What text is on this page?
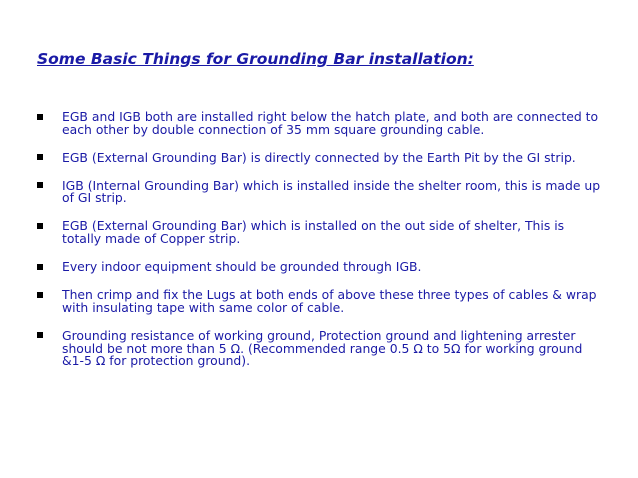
Some Basic Things for Grounding Bar installation:
EGB and IGB both are installed right below the hatch plate, and both are connected to each other by double connection of 35 mm square grounding cable.
EGB (External Grounding Bar) is directly connected by the Earth Pit by the GI strip.
IGB (Internal Grounding Bar) which is installed inside the shelter room, this is made up of GI strip.
EGB (External Grounding Bar) which is installed on the out side of shelter, This is totally made of Copper strip.
Every indoor equipment should be grounded through IGB.
Then crimp and fix the Lugs at both ends of above these three types of cables & wrap with insulating tape with same color of cable.
Grounding resistance of working ground, Protection ground and lightening arrester should be not more than 5 Ω. (Recommended range 0.5 Ω to 5Ω for working ground &1-5 Ω for protection ground).
